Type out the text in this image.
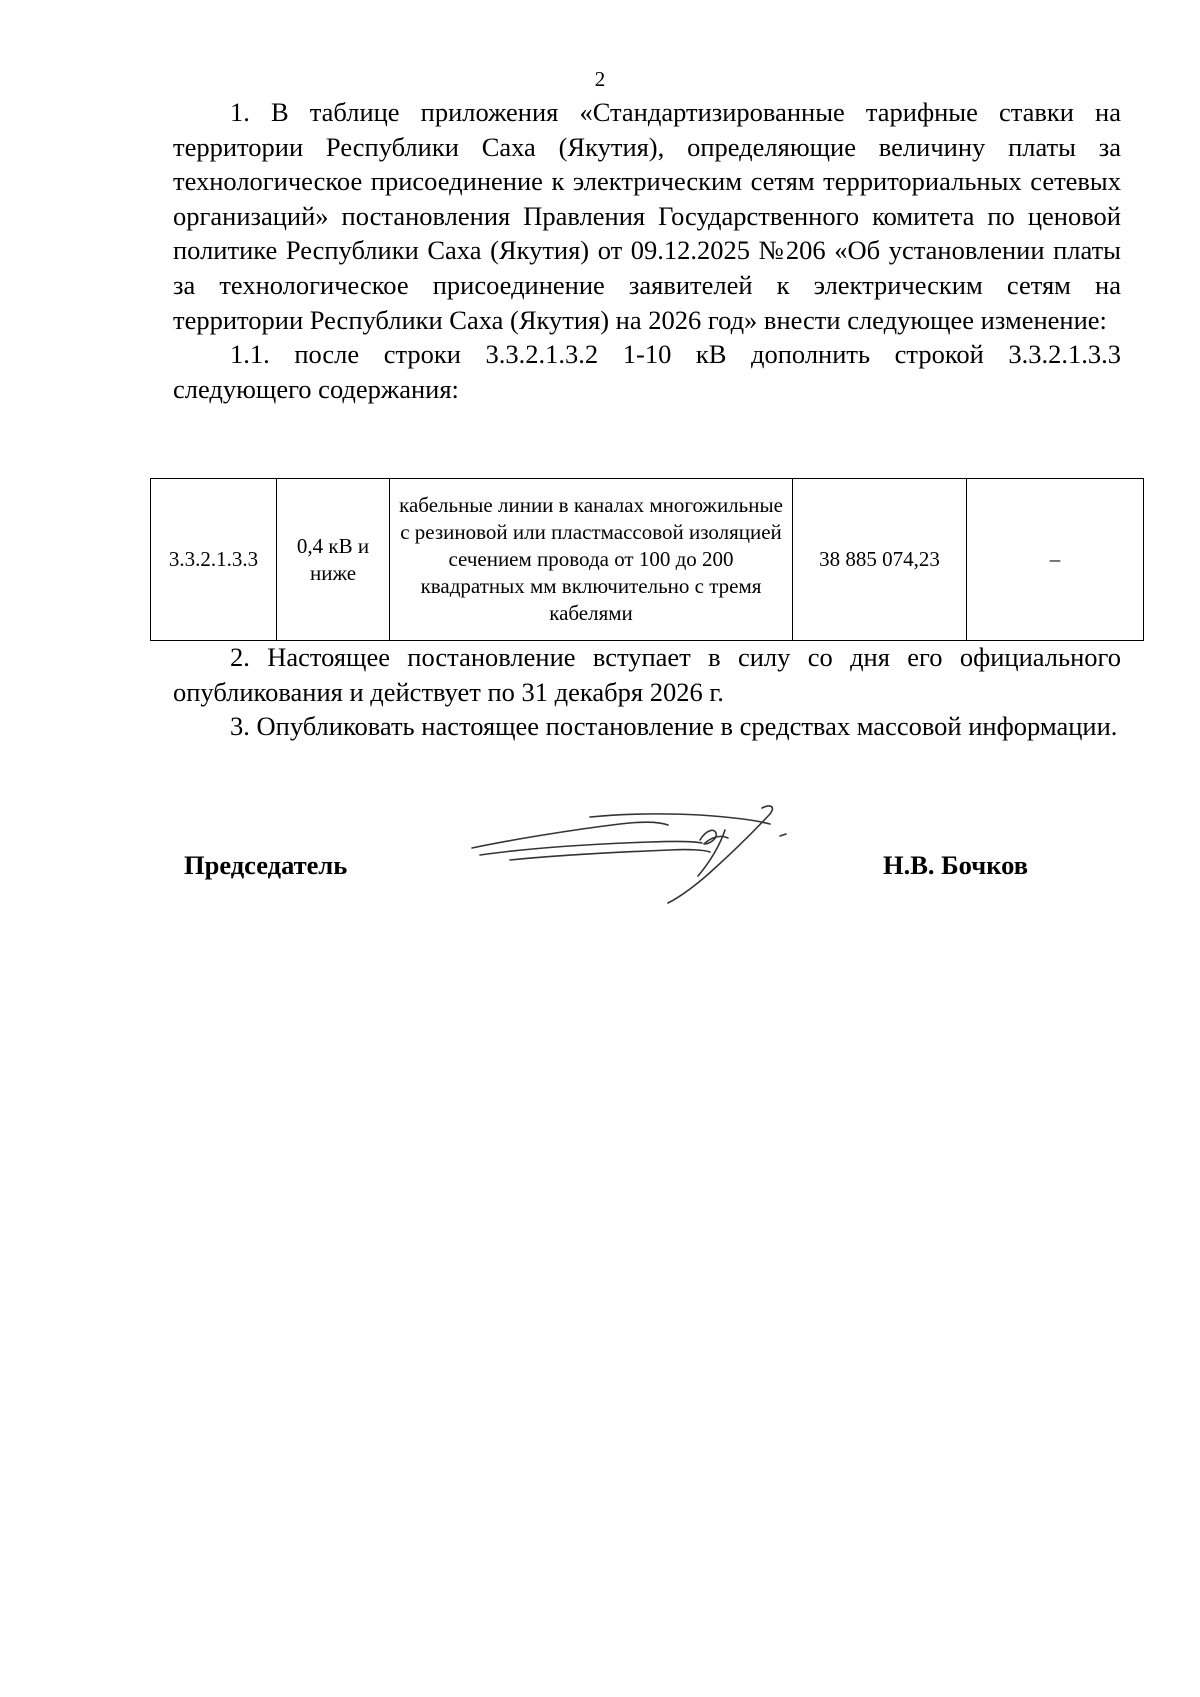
2

1. В таблице приложения «Стандартизированные тарифные ставки на территории Республики Саха (Якутия), определяющие величину платы за технологическое присоединение к электрическим сетям территориальных сетевых организаций» постановления Правления Государственного комитета по ценовой политике Республики Саха (Якутия) от 09.12.2025 №206 «Об установлении платы за технологическое присоединение заявителей к электрическим сетям на территории Республики Саха (Якутия) на 2026 год» внести следующее изменение:

1.1. после строки 3.3.2.1.3.2 1-10 кВ дополнить строкой 3.3.2.1.3.3 следующего содержания:

3.3.2.1.3.3	0,4 кВ и ниже	кабельные линии в каналах многожильные с резиновой или пластмассовой изоляцией сечением провода от 100 до 200 квадратных мм включительно с тремя кабелями	38 885 074,23	–

2. Настоящее постановление вступает в силу со дня его официального опубликования и действует по 31 декабря 2026 г.

3. Опубликовать настоящее постановление в средствах массовой информации.

Председатель	Н.В. Бочков
